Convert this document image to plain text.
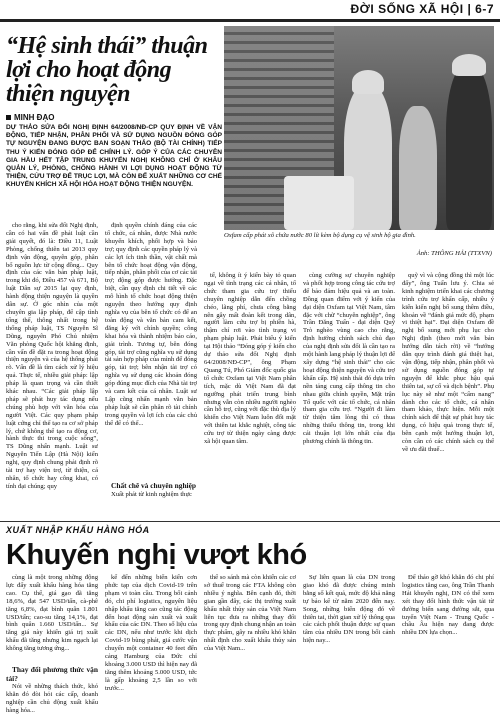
ĐỜI SỐNG XÃ HỘI | 6-7
“Hệ sinh thái” thuận lợi cho hoạt động thiện nguyện
MINH ĐẠO
DỰ THẢO SỬA ĐỔI NGHỊ ĐỊNH 64/2008/NĐ-CP QUY ĐỊNH VỀ VẬN ĐỘNG, TIẾP NHẬN, PHÂN PHỐI VÀ SỬ DỤNG NGUỒN ĐÓNG GÓP TỰ NGUYỆN ĐANG ĐƯỢC BAN SOẠN THẢO (BỘ TÀI CHÍNH) TIẾP THU Ý KIẾN ĐÓNG GÓP ĐỂ CHỈNH LÝ. GÓP Ý CỦA CÁC CHUYÊN GIA HẦU HẾT TẬP TRUNG KHUYẾN NGHỊ KHÔNG CHỈ Ở KHÂU QUẢN LÝ, PHÒNG, CHỐNG HÀNH VI LỢI DỤNG HOẠT ĐỘNG TỪ THIỆN, CỨU TRỢ ĐỂ TRỤC LỢI, MÀ CÒN ĐỂ XUẤT NHỮNG CƠ CHẾ KHUYẾN KHÍCH XÃ HỘI HÓA HOẠT ĐỘNG THIỆN NGUYỆN.
Oxfam cấp phát xô chứa nước 80 lít kèm bộ dụng cụ vệ sinh hộ gia đình.
Ảnh: THÔNG HẢI (TTXVN)

cho rằng, khi sửa đổi Nghị định, cần có hai vấn đề phải luật cần giải quyết, đó là: Điều 11, Luật Phòng, chống thiên tai 2013 quy định vận động, quyên góp, phân bổ nguồn lực từ cộng đồng... Quy định của các văn bản pháp luật, trong khi đó, Điều 457 và 671, Bộ luật Dân sự 2015 lại quy định, hành động thiện nguyện là quyền dân sự. Ở góc nhìn của một chuyên gia lập pháp, để cập tình tổng thể, thông nhất trong hệ thống pháp luật, TS Nguyễn Sĩ Dũng, nguyên Phó Chủ nhiệm Văn phòng Quốc hội khẳng định, cần vấn đề đặt ra trong hoạt động thiện nguyện và của hệ thống phải rõ. Vấn đề là tìm cách xử lý hiệu quả. Thực tế, nhiều giải pháp: lập pháp là quan trọng và cần thiết khác nhau. “Các giải pháp lập pháp sẽ phát huy tác dụng nếu chúng phù hợp với văn hóa của người Việt. Các quy phạm pháp luật cứng chỉ thể tạo ra cơ sở pháp lý, chứ không thể tạo ra động cơ, hành thực thi trong cuộc sống”, TS Dũng nhấn mạnh. Luật sư Nguyễn Tiến Lập (Hà Nội) kiến nghị, quy định chung phải định rõ tài trợ hay viện trợ, từ thiện, cá nhân, tổ chức hay công khai, có tính đại chúng; quy

định quyền chính đáng của các tổ chức, cá nhân, được Nhà nước khuyến khích, phối hợp và bảo trợ; quy định các quyền pháp lý và các lợi ích tinh thần, vật chất mà bên tổ chức hoạt động vận động, tiếp nhận, phân phối của cơ các tài trợ; động góp được hưởng. Đặc biệt, cần quy định chi tiết về các mô hình tổ chức hoạt động thiện nguyện theo hướng quy định nghĩa vụ của bên tổ chức có để an toàn động và văn bản cam kết, đăng ký với chính quyền; công khai hóa và thành nhiệm báo cáo, giải trình. Tương tự, bên đóng góp, tài trợ cũng nghĩa vụ sử dụng tài sản hợp pháp của mình để đóng góp, tài trợ; bên nhận tài trợ có nghĩa vụ sử dụng các khoản đóng góp đúng mục đích của Nhà tài trợ và cam kết của cá nhân. Luật sư Lập cũng nhấn mạnh văn bản pháp luật sẽ cần phân rõ tài chính trong quyền và lợi ích của các chủ thể để có thể...

Chất chẽ và chuyên nghiệp

Xuất phát từ kinh nghiệm thực

tế, không ít ý kiến bày tỏ quan ngại về tình trạng các cá nhân, tổ chức tham gia cứu trợ thiếu chuyên nghiệp dẫn đến chồng chéo, lãng phí, chưa công bằng nên gây mất đoàn kết trong dân, người làm cứu trợ bị phiền hà, thậm chí rơi vào tình trạng vi phạm pháp luật. Phát biểu ý kiến tại Hội thảo “Đóng góp ý kiến cho dự thảo sửa đổi Nghị định 64/2008/NĐ-CP”, ông Phạm Quang Tú, Phó Giám đốc quốc gia tổ chức Oxfam tại Việt Nam phân tích, mặc dù Việt Nam đã đạt ngưỡng phát triển trung bình nhưng vẫn còn nhiều người nghèo cần hỗ trợ, cũng với đặc thù địa lý khiến cho Việt Nam luôn đối mặt với thiên tai khắc nghiệt, công tác cứu trợ từ thiện ngày càng được xã hội quan tâm.

cùng cường sự chuyên nghiệp và phối hợp trong công tác cứu trợ để bảo đảm hiệu quả và an toàn. Đồng quan điểm với ý kiến của đại diện Oxfam tại Việt Nam, tâm đặc với chữ “chuyên nghiệp”, ông Trần Đăng Tuấn - đại diện Quỹ Trò nghèo vùng cao cho rằng, định hướng chính sách chủ đạo của nghị định sửa đổi là cần tạo ra một hành lang pháp lý thuận lợi để xây dựng “hệ sinh thái” cho các hoạt động thiện nguyện và cứu trợ khẩn cấp. Hệ sinh thái đó dựa trên nền tảng cung cấp thông tin cho nhau giữa chính quyền, Mặt trận Tổ quốc với các tổ chức, cá nhân tham gia cứu trợ. “Người đi làm từ thiện tâm lòng thì có thua những thiếu thông tin, trong khi cái thuận lợi lớn nhất của địa phương chính là thông tin.

quỹ vì và cộng đồng thì một lúc đấy”, ông Tuấn lưu ý. Chia sẻ kinh nghiệm triển khai các chương trình cứu trợ khẩn cấp, nhiều ý kiến kiến nghị bổ sung thêm điều, khoản về “đánh giá mức độ, phạm vi thiệt hại”. Đại diện Oxfam đề nghị bổ sung mới phụ lục cho Nghị định (theo mới văn bản hướng dẫn tách rời) về “hướng dẫn quy trình đánh giá thiệt hại, vận động, tiếp nhận, phân phối và sử dụng nguồn đóng góp tự nguyện để khắc phục hậu quả thiên tai, sự cố và dịch bệnh”. Phụ lục này sẽ như một “cẩm nang” dành cho các tổ chức, cá nhân tham khảo, thực hiện. Mỗi một chính sách để thật sự phát huy tác dụng, có hiệu quả trong thực tế, bên cạnh một hướng thuận lợi, còn cần có các chính sách cụ thể về ưu đãi thuế...

XUẤT NHẬP KHẨU HÀNG HÓA
Khuyến nghị vượt khó

cùng là một trong những động lực đẩy xuất khẩu hàng hóa tăng cao. Cụ thể, giá gạo đã tăng 18,6%, đạt 547 USD/tấn, cà-phê tăng 6,8%, đạt bình quân 1.801 USD/tấn; cao-su tăng 14,1%, đạt bình quân 1.660 USD/tấn... Sự tăng giá này khiến giá trị xuất khẩu đã tăng nhưng kim ngạch lại không tăng tương ứng...

Thay đổi phương thức vận tải?

Nói về những thách thức, khó khăn đó đòi hỏi các cấp, doanh nghiệp cần chủ động xuất khẩu hàng hóa...

kể đến những biến kiến cơn phức tạp của dịch Covid-19 trên phạm vi toàn cầu. Trong bối cảnh đó, chi phí logistics, nguyên liệu nhập khẩu tăng cao cũng tác động đến hoạt động sản xuất và xuất khẩu của các DN. Theo số liệu của các DN, nếu như trước khi dịch Covid-19 bùng phát, giá cước vận chuyển một container 40 feet đến cảng Hamburg của Đức chỉ khoảng 3.000 USD thì hiện nay đã tăng thêm khoảng 5.000 USD, tức là gấp khoảng 2,5 lần so với trước...

thể so sánh mà còn khiến các cơ sở thuế trong các FTA không còn nhiều ý nghĩa. Bên cạnh đó, thời gian gần đây, các thị trường xuất khẩu nhất thủy sản của Việt Nam liên tục đưa ra những thay đổi trong quy định chung nhận an toàn thực phẩm, gây ra nhiều khó khăn nhất định cho xuất khẩu thủy sản của Việt Nam...

Sự liên quan là của DN trong giao khó đã được chúng minh bằng số kết quả, mức độ khả năng tự bảo kể từ năm 2020 đến nay. Song, những biến động đó về thiên tai, thời gian xử lý thông qua các cách phối thuận được sự quan tâm của nhiều DN trong bối cảnh hiện nay...

Để tháo gỡ khó khăn đó chi phí logistics tăng cao, ông Trần Thanh Hải khuyến nghị, DN có thể xem xét thay đổi hình thức vận tải từ đường biển sang đường sắt, qua tuyến Việt Nam - Trung Quốc - châu Âu hiện nay đang được nhiều DN lựa chọn...
